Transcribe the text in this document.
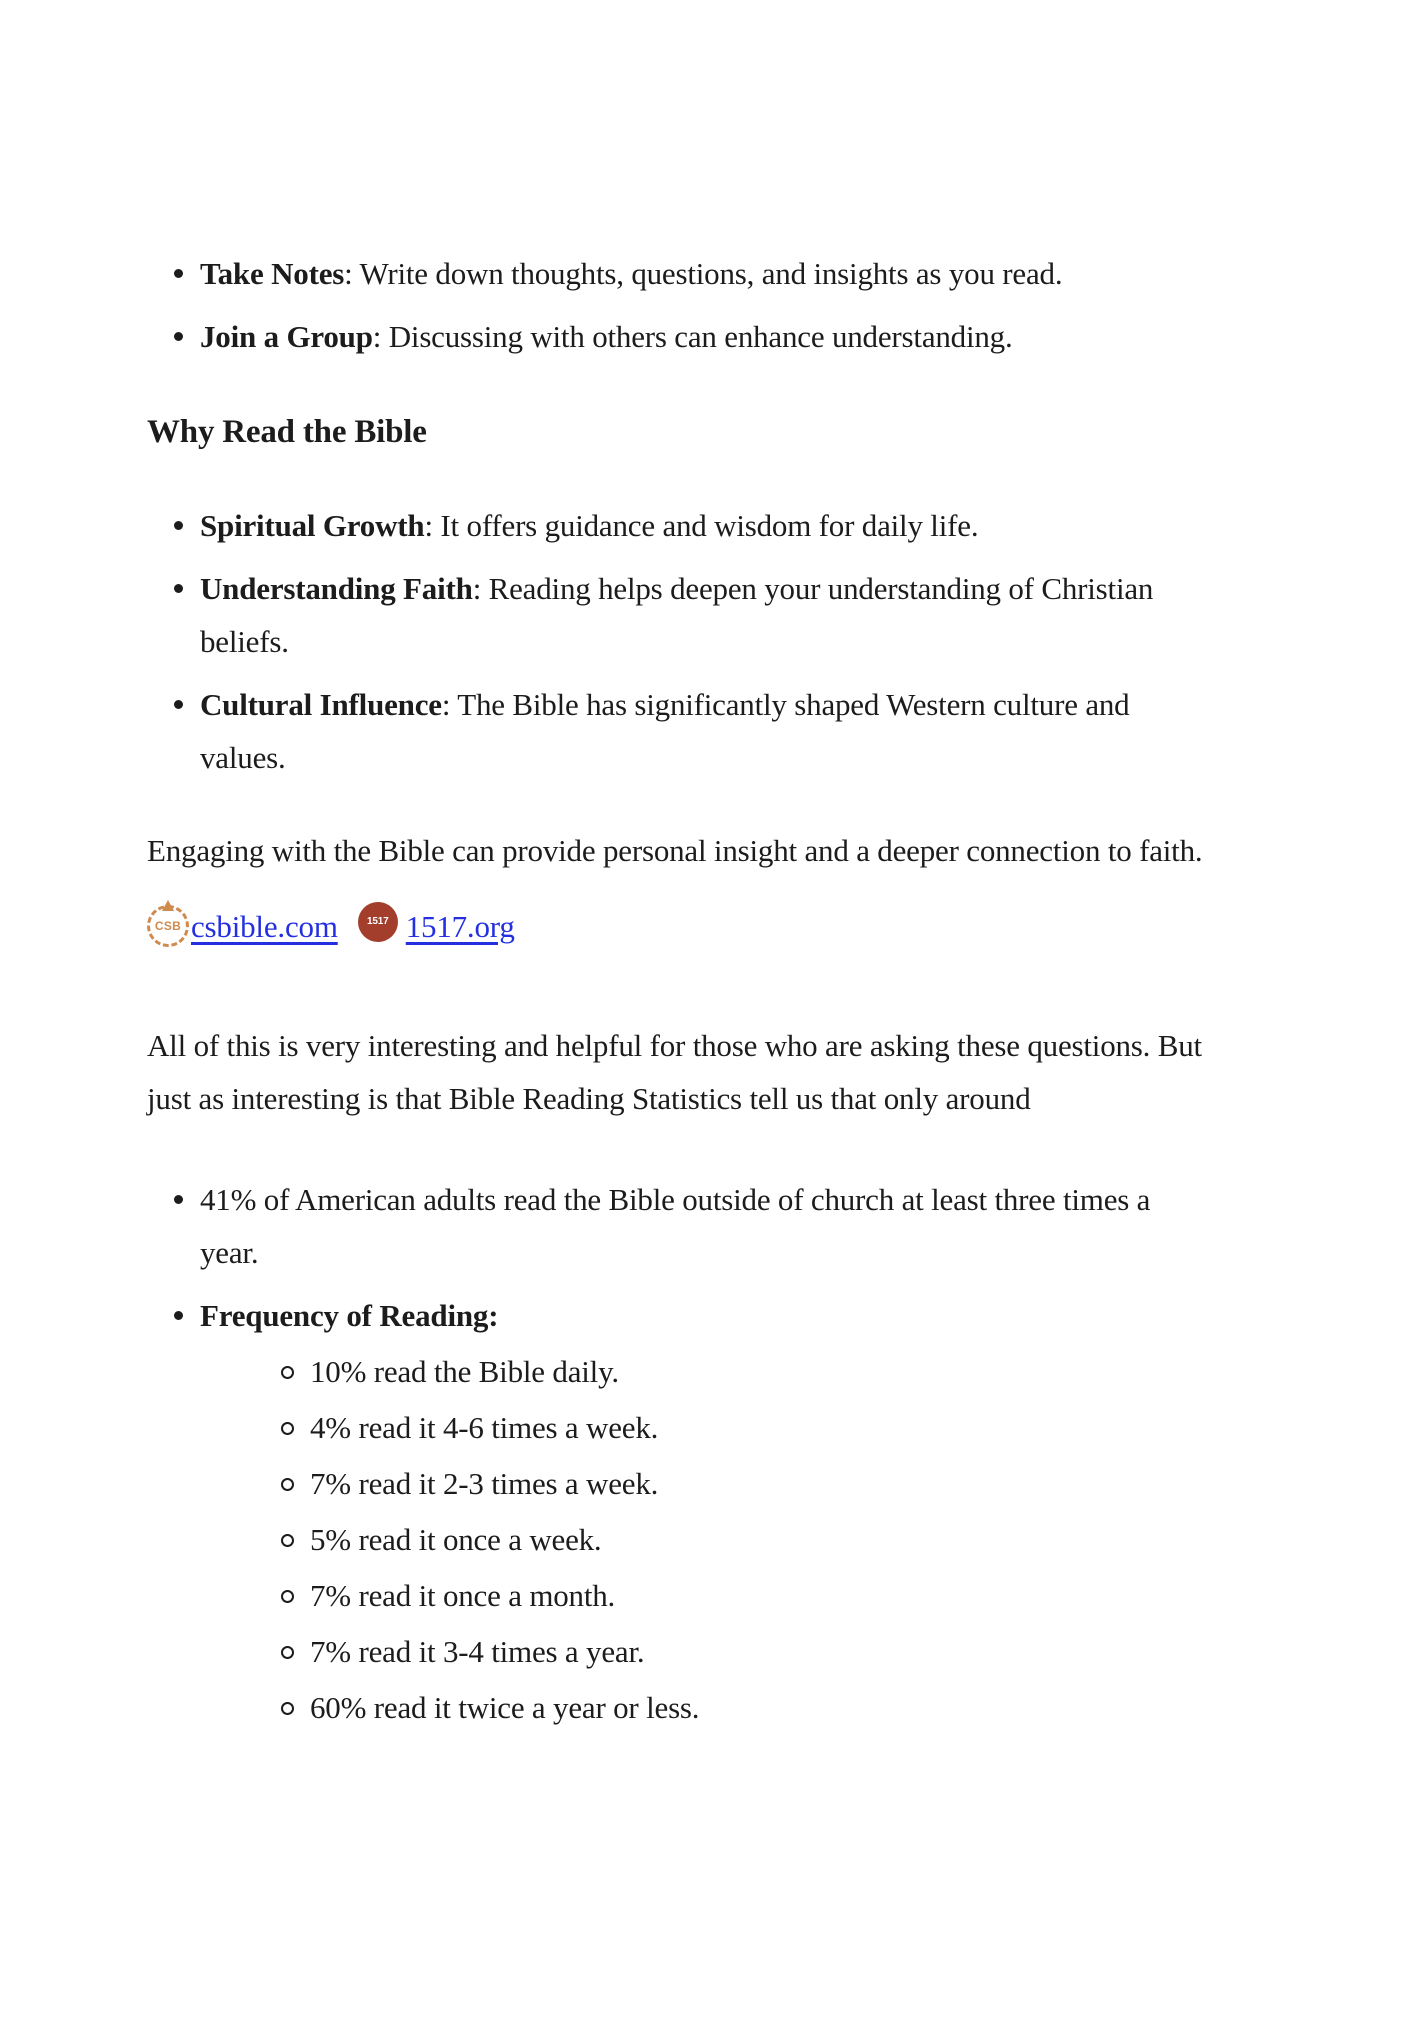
Take Notes: Write down thoughts, questions, and insights as you read.
Join a Group: Discussing with others can enhance understanding.
Why Read the Bible
Spiritual Growth: It offers guidance and wisdom for daily life.
Understanding Faith: Reading helps deepen your understanding of Christian
beliefs.
Cultural Influence: The Bible has significantly shaped Western culture and
values.

Engaging with the Bible can provide personal insight and a deeper connection to faith.

CSB csbible.com	1517 1517.org

All of this is very interesting and helpful for those who are asking these questions. But
just as interesting is that Bible Reading Statistics tell us that only around

41% of American adults read the Bible outside of church at least three times a
year.
Frequency of Reading:
10% read the Bible daily.
4% read it 4-6 times a week.
7% read it 2-3 times a week.
5% read it once a week.
7% read it once a month.
7% read it 3-4 times a year.
60% read it twice a year or less.
